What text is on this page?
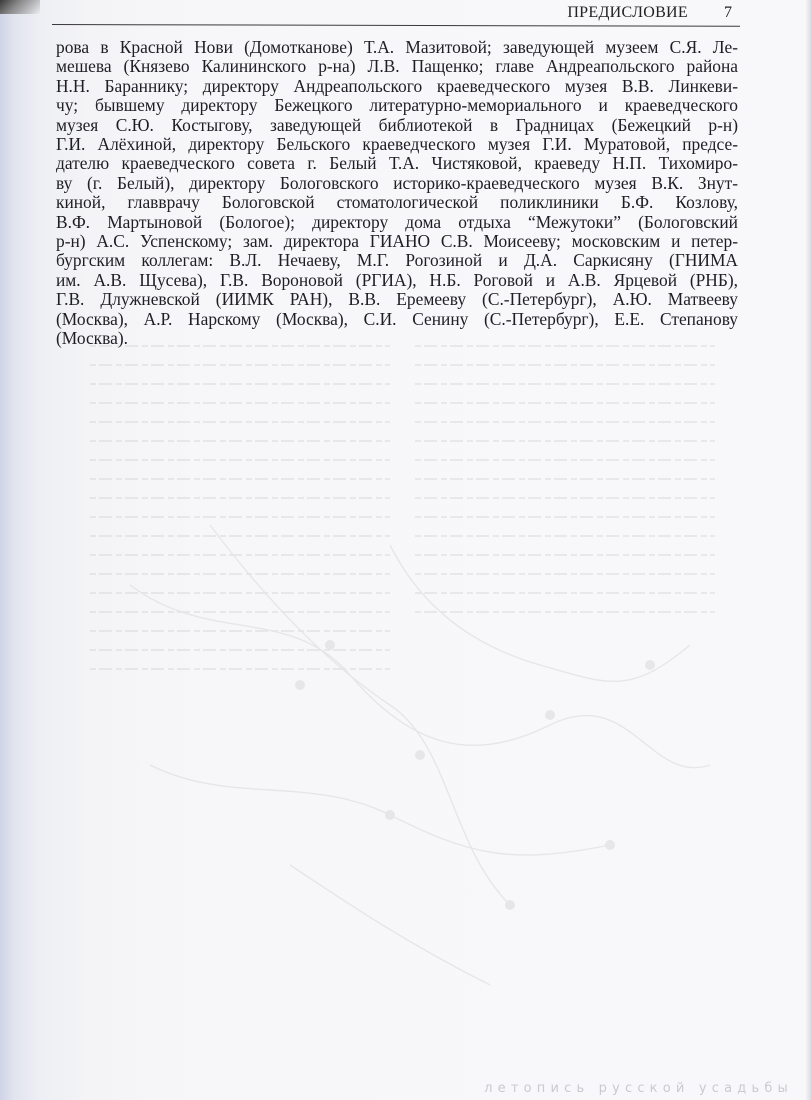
ПРЕДИСЛОВИЕ 7
рова в Красной Нови (Домотканове) Т.А. Мазитовой; заведующей музеем С.Я. Ле-
мешева (Князево Калининского р-на) Л.В. Пащенко; главе Андреапольского района
Н.Н. Бараннику; директору Андреапольского краеведческого музея В.В. Линкеви-
чу; бывшему директору Бежецкого литературно-мемориального и краеведческого
музея С.Ю. Костыгову, заведующей библиотекой в Градницах (Бежецкий р-н)
Г.И. Алёхиной, директору Бельского краеведческого музея Г.И. Муратовой, предсе-
дателю краеведческого совета г. Белый Т.А. Чистяковой, краеведу Н.П. Тихомиро-
ву (г. Белый), директору Бологовского историко-краеведческого музея В.К. Знут-
киной, главврачу Бологовской стоматологической поликлиники Б.Ф. Козлову,
В.Ф. Мартыновой (Бологое); директору дома отдыха “Межутоки” (Бологовский
р-н) А.С. Успенскому; зам. директора ГИАНО С.В. Моисееву; московским и петер-
бургским коллегам: В.Л. Нечаеву, М.Г. Рогозиной и Д.А. Саркисяну (ГНИМА
им. А.В. Щусева), Г.В. Вороновой (РГИА), Н.Б. Роговой и А.В. Ярцевой (РНБ),
Г.В. Длужневской (ИИМК РАН), В.В. Еремееву (С.-Петербург), А.Ю. Матвееву
(Москва), А.Р. Нарскому (Москва), С.И. Сенину (С.-Петербург), Е.Е. Степанову
(Москва).
летопись русской усадьбы
